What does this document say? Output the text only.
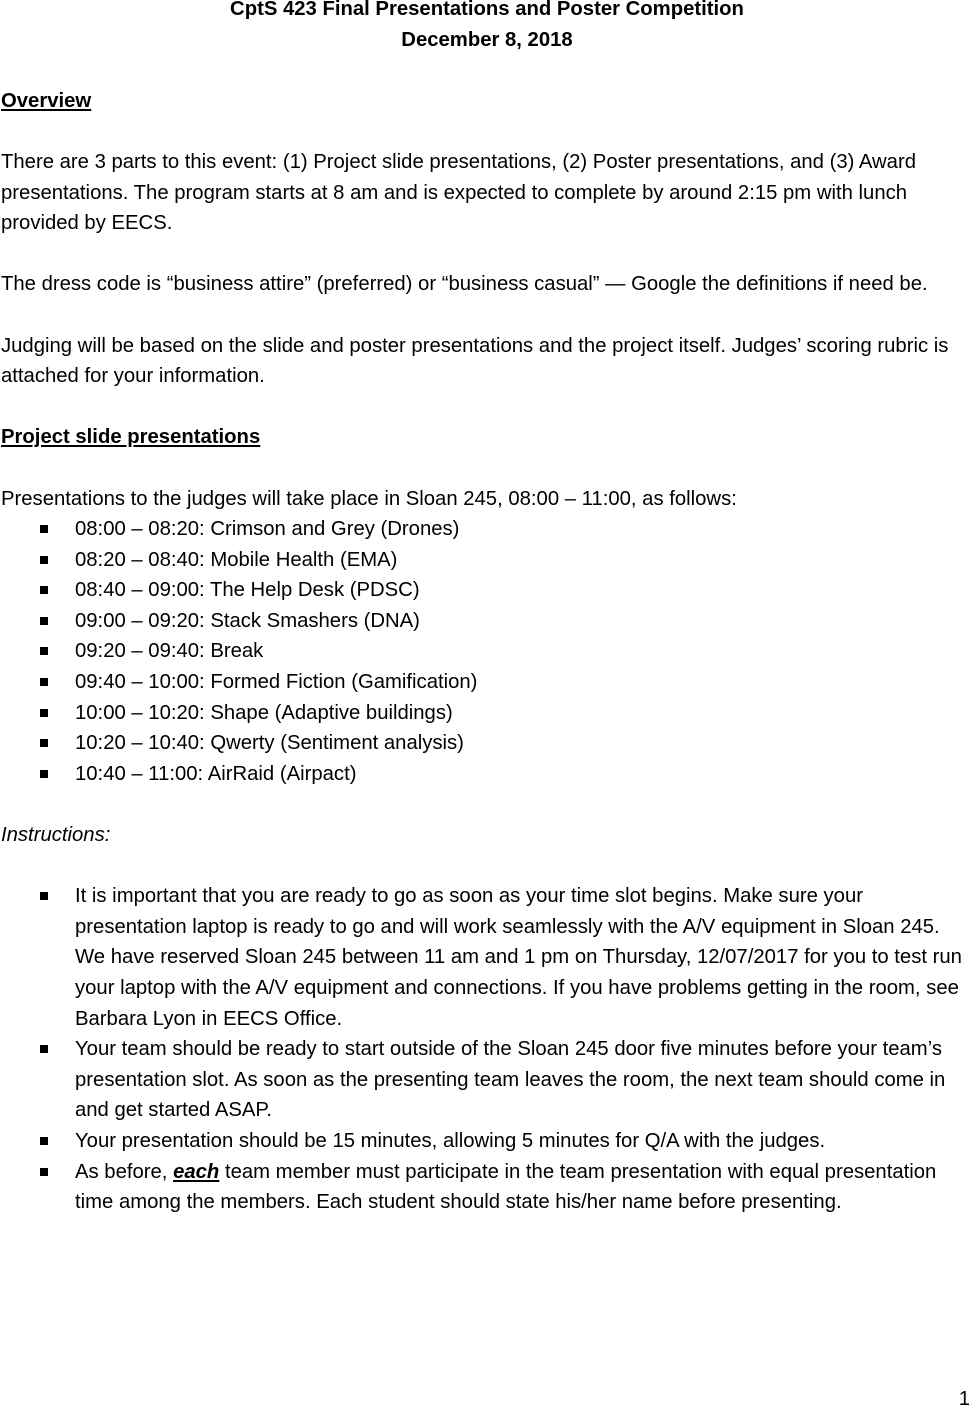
CptS 423 Final Presentations and Poster Competition
December 8, 2018
Overview
There are 3 parts to this event: (1) Project slide presentations, (2) Poster presentations, and (3) Award presentations. The program starts at 8 am and is expected to complete by around 2:15 pm with lunch provided by EECS.
The dress code is “business attire” (preferred) or “business casual” — Google the definitions if need be.
Judging will be based on the slide and poster presentations and the project itself. Judges’ scoring rubric is attached for your information.
Project slide presentations
Presentations to the judges will take place in Sloan 245, 08:00 – 11:00, as follows:
08:00 – 08:20: Crimson and Grey (Drones)
08:20 – 08:40: Mobile Health (EMA)
08:40 – 09:00: The Help Desk (PDSC)
09:00 – 09:20: Stack Smashers (DNA)
09:20 – 09:40: Break
09:40 – 10:00: Formed Fiction (Gamification)
10:00 – 10:20: Shape (Adaptive buildings)
10:20 – 10:40: Qwerty (Sentiment analysis)
10:40 – 11:00: AirRaid (Airpact)
Instructions:
It is important that you are ready to go as soon as your time slot begins. Make sure your presentation laptop is ready to go and will work seamlessly with the A/V equipment in Sloan 245. We have reserved Sloan 245 between 11 am and 1 pm on Thursday, 12/07/2017 for you to test run your laptop with the A/V equipment and connections. If you have problems getting in the room, see Barbara Lyon in EECS Office.
Your team should be ready to start outside of the Sloan 245 door five minutes before your team’s presentation slot. As soon as the presenting team leaves the room, the next team should come in and get started ASAP.
Your presentation should be 15 minutes, allowing 5 minutes for Q/A with the judges.
As before, each team member must participate in the team presentation with equal presentation time among the members. Each student should state his/her name before presenting.
1
